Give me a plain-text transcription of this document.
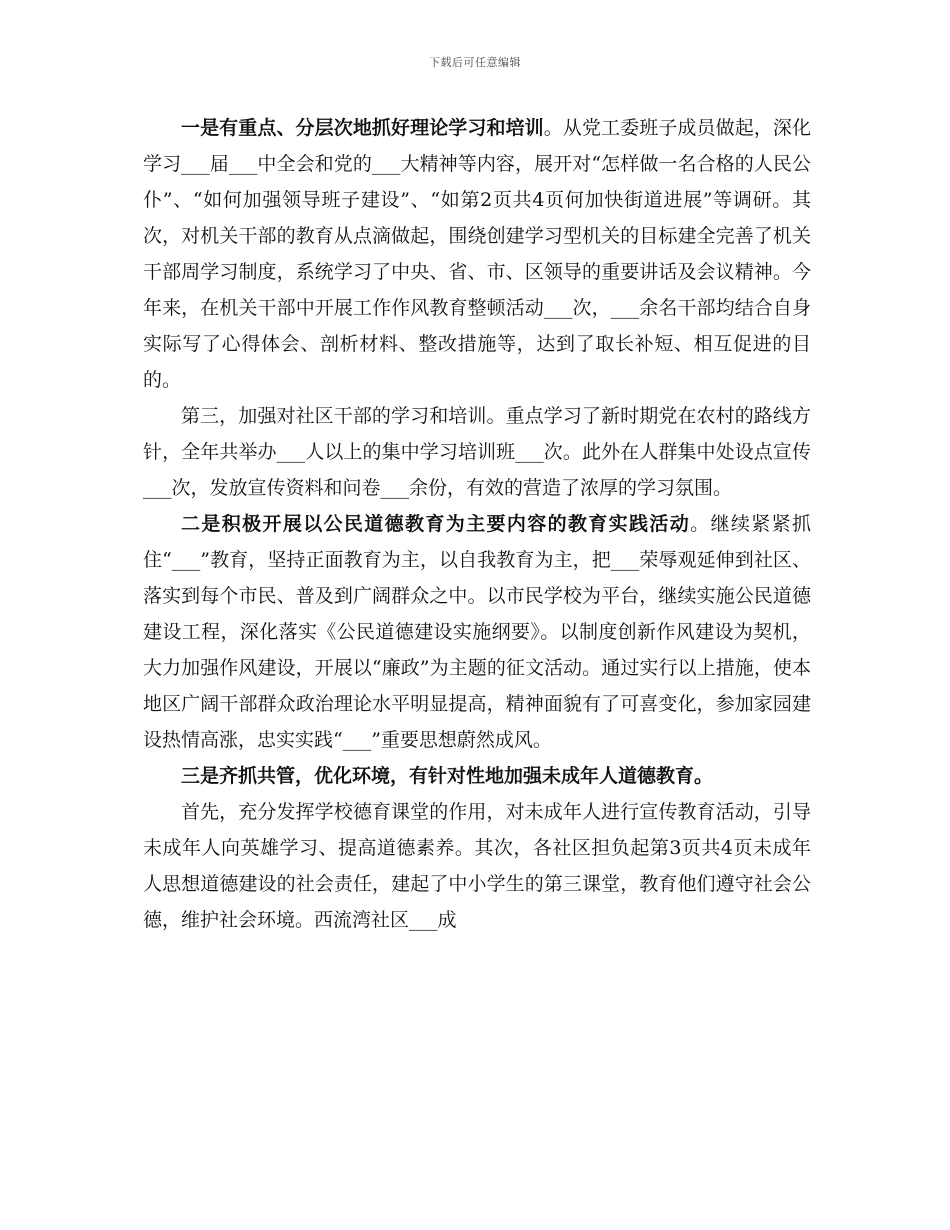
下载后可任意编辑

一是有重点、分层次地抓好理论学习和培训。从党工委班子成员做起，深化学习___届___中全会和党的___大精神等内容，展开对“怎样做一名合格的人民公仆”、“如何加强领导班子建设”、“如第2页共4页何加快街道进展”等调研。其次，对机关干部的教育从点滴做起，围绕创建学习型机关的目标建全完善了机关干部周学习制度，系统学习了中央、省、市、区领导的重要讲话及会议精神。今年来，在机关干部中开展工作作风教育整顿活动___次，___余名干部均结合自身实际写了心得体会、剖析材料、整改措施等，达到了取长补短、相互促进的目的。

第三，加强对社区干部的学习和培训。重点学习了新时期党在农村的路线方针，全年共举办___人以上的集中学习培训班___次。此外在人群集中处设点宣传___次，发放宣传资料和问卷___余份，有效的营造了浓厚的学习氛围。

二是积极开展以公民道德教育为主要内容的教育实践活动。继续紧紧抓住“___”教育，坚持正面教育为主，以自我教育为主，把___荣辱观延伸到社区、落实到每个市民、普及到广阔群众之中。以市民学校为平台，继续实施公民道德建设工程，深化落实《公民道德建设实施纲要》。以制度创新作风建设为契机，大力加强作风建设，开展以“廉政”为主题的征文活动。通过实行以上措施，使本地区广阔干部群众政治理论水平明显提高，精神面貌有了可喜变化，参加家园建设热情高涨，忠实实践“___”重要思想蔚然成风。

三是齐抓共管，优化环境，有针对性地加强未成年人道德教育。

首先，充分发挥学校德育课堂的作用，对未成年人进行宣传教育活动，引导未成年人向英雄学习、提高道德素养。其次，各社区担负起第3页共4页未成年人思想道德建设的社会责任，建起了中小学生的第三课堂，教育他们遵守社会公德，维护社会环境。西流湾社区___成
